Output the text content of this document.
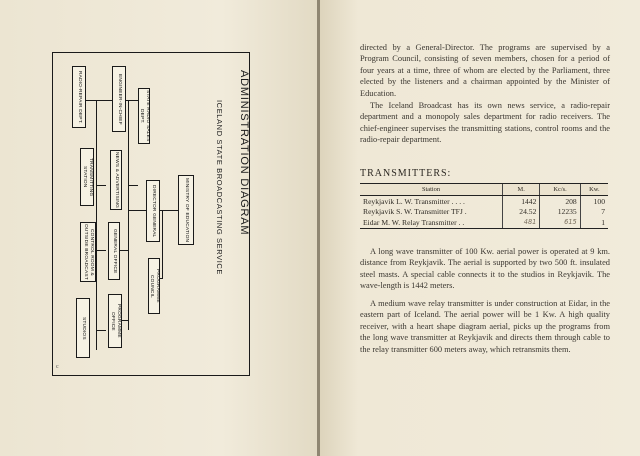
ADMINISTRATION DIAGRAM
ICELAND STATE BROADCASTING SERVICE
MINISTRY OF EDUCATION
DIRECTOR GENERAL
PROGRAMME COUNCIL
STATE RADIO SALES DEPT.
NEWS & ADVERTISING
GENERAL OFFICE
PROGRAMME OFFICE
ENGINEER-IN-CHIEF
RADIO-REPAIR DEPT.
TRANSMITTING STATION
CONTROL ROOM & OUTSIDE BROADCAST
STUDIOS
c

directed by a General-Director. The programs are supervised by a Program Council, consisting of seven members, chosen for a period of four years at a time, three of whom are elected by the Parliament, three elected by the listeners and a chairman appointed by the Minister of Education.

The Iceland Broadcast has its own news service, a radio-repair department and a monopoly sales department for radio receivers. The chief-engineer supervises the transmitting stations, control rooms and the radio-repair department.

TRANSMITTERS:
Station	M.	Kc/s.	Kw.
Reykjavik L. W. Transmitter . . . .	1442	208	100
Reykjavik S. W. Transmitter TFJ .	24.52	12235	7
Eidar M. W. Relay Transmitter . .	481	615	1

A long wave transmitter of 100 Kw. aerial power is operated at 9 km. distance from Reykjavik. The aerial is supported by two 500 ft. insulated steel masts. A special cable connects it to the studios in Reykjavik. The wave-length is 1442 meters.

A medium wave relay transmitter is under construction at Eidar, in the eastern part of Iceland. The aerial power will be 1 Kw. A high quality receiver, with a heart shape diagram aerial, picks up the programs from the long wave transmitter at Reykjavik and directs them through cable to the relay transmitter 600 meters away, which retransmits them.
